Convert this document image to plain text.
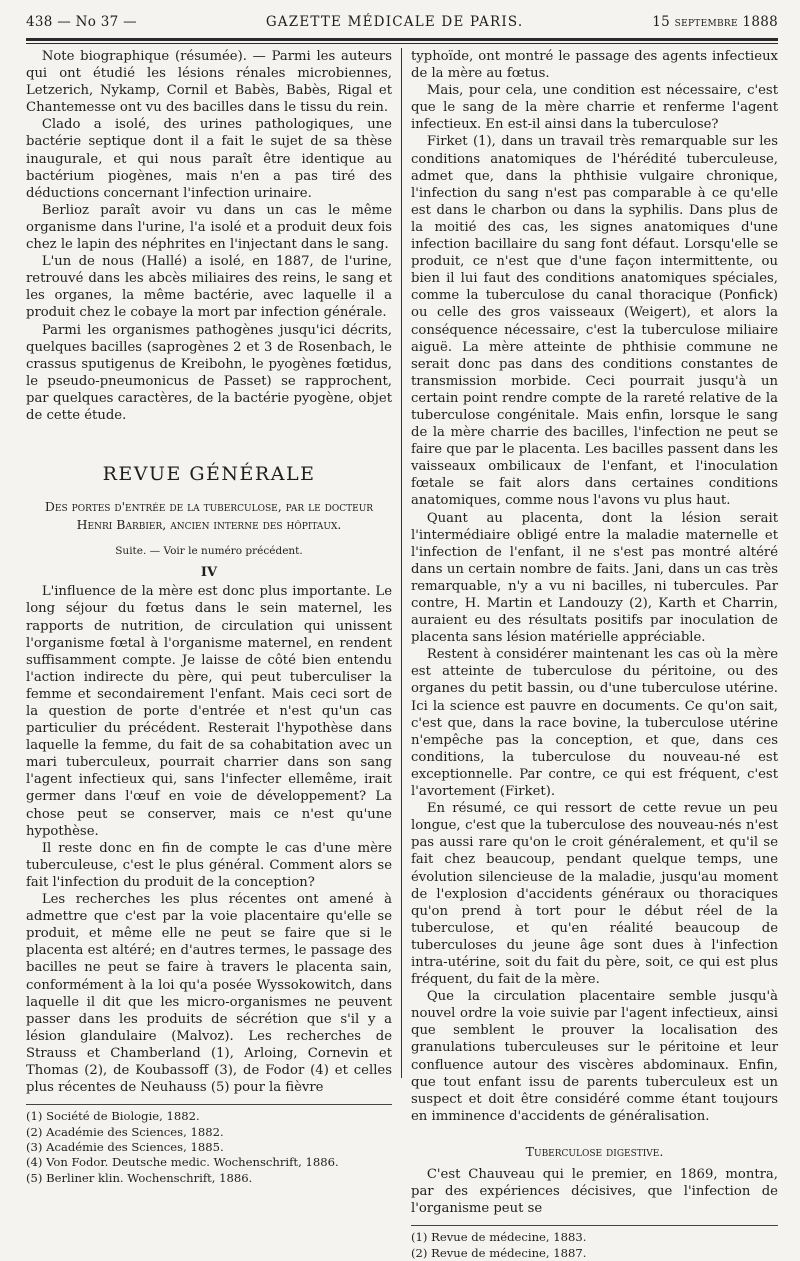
438 — No 37 —	GAZETTE MÉDICALE DE PARIS.	15 septembre 1888

Note biographique (résumée). — Parmi les auteurs qui ont étudié les lésions rénales microbiennes, Letzerich, Nykamp, Cornil et Babès, Babès, Rigal et Chantemesse ont vu des bacilles dans le tissu du rein.

Clado a isolé, des urines pathologiques, une bactérie septique dont il a fait le sujet de sa thèse inaugurale, et qui nous paraît être identique au bactérium piogènes, mais n'en a pas tiré des déductions concernant l'infection urinaire.

Berlioz paraît avoir vu dans un cas le même organisme dans l'urine, l'a isolé et a produit deux fois chez le lapin des néphrites en l'injectant dans le sang.

L'un de nous (Hallé) a isolé, en 1887, de l'urine, retrouvé dans les abcès miliaires des reins, le sang et les organes, la même bactérie, avec laquelle il a produit chez le cobaye la mort par infection générale.

Parmi les organismes pathogènes jusqu'ici décrits, quelques bacilles (saprogènes 2 et 3 de Rosenbach, le crassus sputigenus de Kreibohn, le pyogènes fœtidus, le pseudo-pneumonicus de Passet) se rapprochent, par quelques caractères, de la bactérie pyogène, objet de cette étude.

REVUE GÉNÉRALE
Des portes d'entrée de la tuberculose, par le docteur
Henri Barbier, ancien interne des hôpitaux.
Suite. — Voir le numéro précédent.
IV

L'influence de la mère est donc plus importante. Le long séjour du fœtus dans le sein maternel, les rapports de nutrition, de circulation qui unissent l'organisme fœtal à l'organisme maternel, en rendent suffisamment compte. Je laisse de côté bien entendu l'action indirecte du père, qui peut tuberculiser la femme et secondairement l'enfant. Mais ceci sort de la question de porte d'entrée et n'est qu'un cas particulier du précédent. Resterait l'hypothèse dans laquelle la femme, du fait de sa cohabitation avec un mari tuberculeux, pourrait charrier dans son sang l'agent infectieux qui, sans l'infecter ellemême, irait germer dans l'œuf en voie de développement? La chose peut se conserver, mais ce n'est qu'une hypothèse.

Il reste donc en fin de compte le cas d'une mère tuberculeuse, c'est le plus général. Comment alors se fait l'infection du produit de la conception?

Les recherches les plus récentes ont amené à admettre que c'est par la voie placentaire qu'elle se produit, et même elle ne peut se faire que si le placenta est altéré; en d'autres termes, le passage des bacilles ne peut se faire à travers le placenta sain, conformément à la loi qu'a posée Wyssokowitch, dans laquelle il dit que les micro-organismes ne peuvent passer dans les produits de sécrétion que s'il y a lésion glandulaire (Malvoz). Les recherches de Strauss et Chamberland (1), Arloing, Cornevin et Thomas (2), de Koubassoff (3), de Fodor (4) et celles plus récentes de Neuhauss (5) pour la fièvre

(1) Société de Biologie, 1882.
(2) Académie des Sciences, 1882.
(3) Académie des Sciences, 1885.
(4) Von Fodor. Deutsche medic. Wochenschrift, 1886.
(5) Berliner klin. Wochenschrift, 1886.

typhoïde, ont montré le passage des agents infectieux de la mère au fœtus.

Mais, pour cela, une condition est nécessaire, c'est que le sang de la mère charrie et renferme l'agent infectieux. En est-il ainsi dans la tuberculose?

Firket (1), dans un travail très remarquable sur les conditions anatomiques de l'hérédité tuberculeuse, admet que, dans la phthisie vulgaire chronique, l'infection du sang n'est pas comparable à ce qu'elle est dans le charbon ou dans la syphilis. Dans plus de la moitié des cas, les signes anatomiques d'une infection bacillaire du sang font défaut. Lorsqu'elle se produit, ce n'est que d'une façon intermittente, ou bien il lui faut des conditions anatomiques spéciales, comme la tuberculose du canal thoracique (Ponfick) ou celle des gros vaisseaux (Weigert), et alors la conséquence nécessaire, c'est la tuberculose miliaire aiguë. La mère atteinte de phthisie commune ne serait donc pas dans des conditions constantes de transmission morbide. Ceci pourrait jusqu'à un certain point rendre compte de la rareté relative de la tuberculose congénitale. Mais enfin, lorsque le sang de la mère charrie des bacilles, l'infection ne peut se faire que par le placenta. Les bacilles passent dans les vaisseaux ombilicaux de l'enfant, et l'inoculation fœtale se fait alors dans certaines conditions anatomiques, comme nous l'avons vu plus haut.

Quant au placenta, dont la lésion serait l'intermédiaire obligé entre la maladie maternelle et l'infection de l'enfant, il ne s'est pas montré altéré dans un certain nombre de faits. Jani, dans un cas très remarquable, n'y a vu ni bacilles, ni tubercules. Par contre, H. Martin et Landouzy (2), Karth et Charrin, auraient eu des résultats positifs par inoculation de placenta sans lésion matérielle appréciable.

Restent à considérer maintenant les cas où la mère est atteinte de tuberculose du péritoine, ou des organes du petit bassin, ou d'une tuberculose utérine. Ici la science est pauvre en documents. Ce qu'on sait, c'est que, dans la race bovine, la tuberculose utérine n'empêche pas la conception, et que, dans ces conditions, la tuberculose du nouveau-né est exceptionnelle. Par contre, ce qui est fréquent, c'est l'avortement (Firket).

En résumé, ce qui ressort de cette revue un peu longue, c'est que la tuberculose des nouveau-nés n'est pas aussi rare qu'on le croit généralement, et qu'il se fait chez beaucoup, pendant quelque temps, une évolution silencieuse de la maladie, jusqu'au moment de l'explosion d'accidents généraux ou thoraciques qu'on prend à tort pour le début réel de la tuberculose, et qu'en réalité beaucoup de tuberculoses du jeune âge sont dues à l'infection intra-utérine, soit du fait du père, soit, ce qui est plus fréquent, du fait de la mère.

Que la circulation placentaire semble jusqu'à nouvel ordre la voie suivie par l'agent infectieux, ainsi que semblent le prouver la localisation des granulations tuberculeuses sur le péritoine et leur confluence autour des viscères abdominaux. Enfin, que tout enfant issu de parents tuberculeux est un suspect et doit être considéré comme étant toujours en imminence d'accidents de généralisation.

Tuberculose digestive.

C'est Chauveau qui le premier, en 1869, montra, par des expériences décisives, que l'infection de l'organisme peut se

(1) Revue de médecine, 1883.
(2) Revue de médecine, 1887.
